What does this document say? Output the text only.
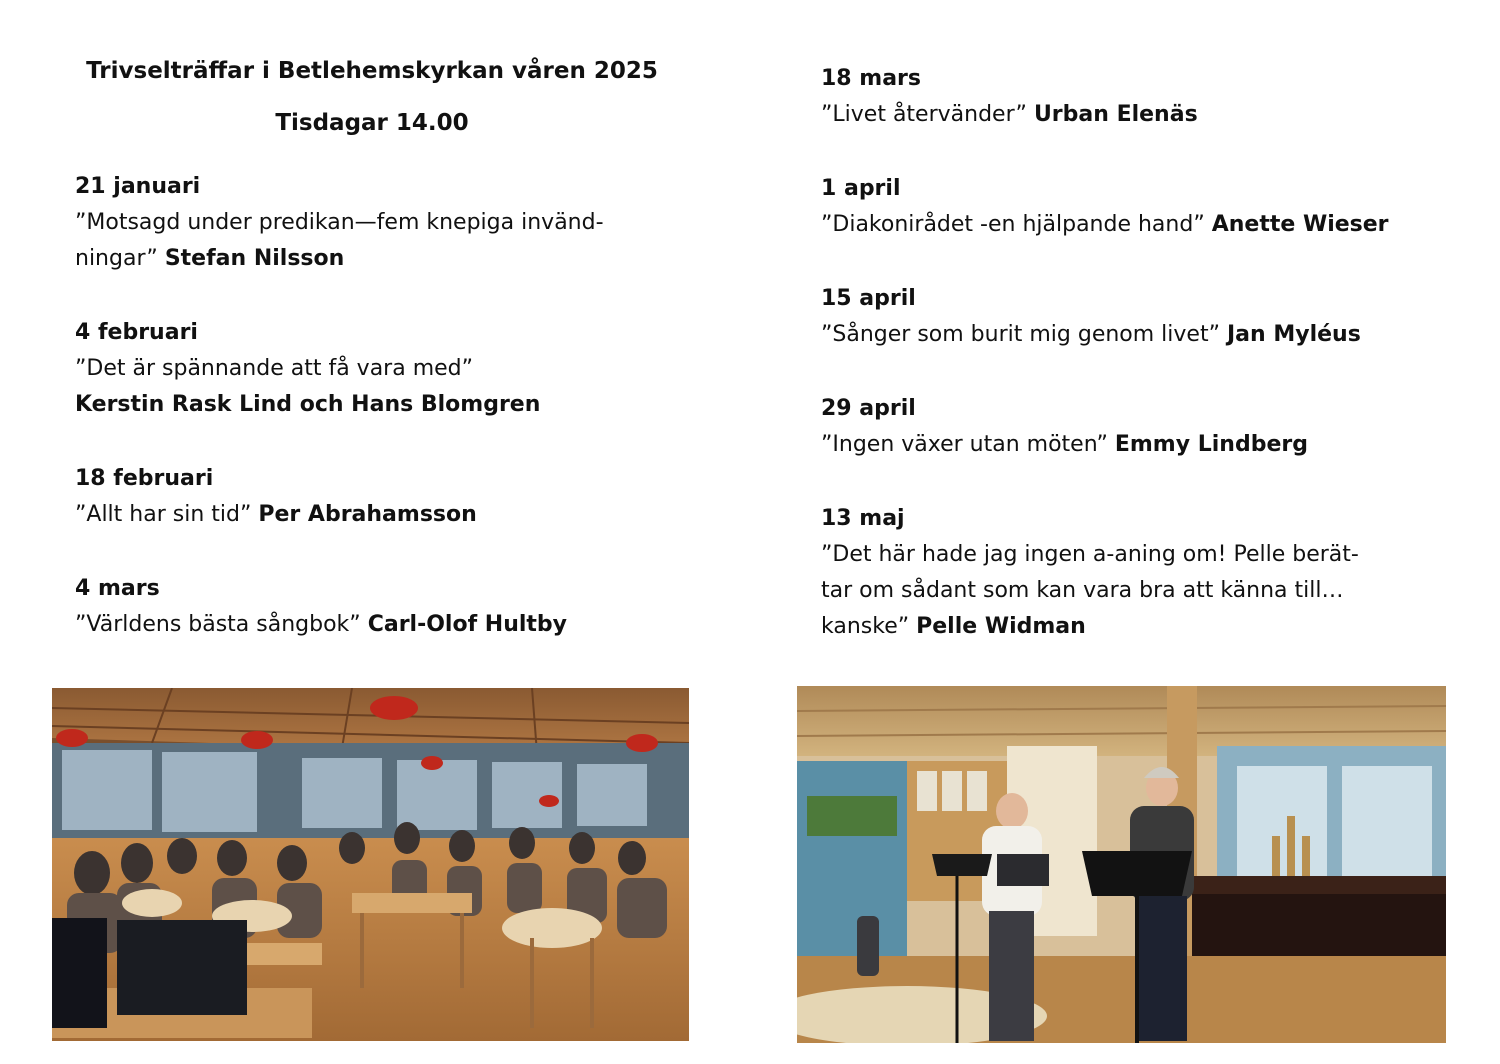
Trivselträffar i Betlehemskyrkan våren 2025
Tisdagar 14.00
21 januari
”Motsagd under predikan—fem knepiga invänd-
ningar” Stefan Nilsson
4 februari
”Det är spännande att få vara med”
Kerstin Rask Lind och Hans Blomgren
18 februari
”Allt har sin tid” Per Abrahamsson
4 mars
”Världens bästa sångbok” Carl-Olof Hultby
18 mars
”Livet återvänder” Urban Elenäs
1 april
”Diakonirådet -en hjälpande hand” Anette Wieser
15 april
”Sånger som burit mig genom livet” Jan Myléus
29 april
”Ingen växer utan möten” Emmy Lindberg
13 maj
”Det här hade jag ingen a-aning om! Pelle berät-
tar om sådant som kan vara bra att känna till…
kanske” Pelle Widman
